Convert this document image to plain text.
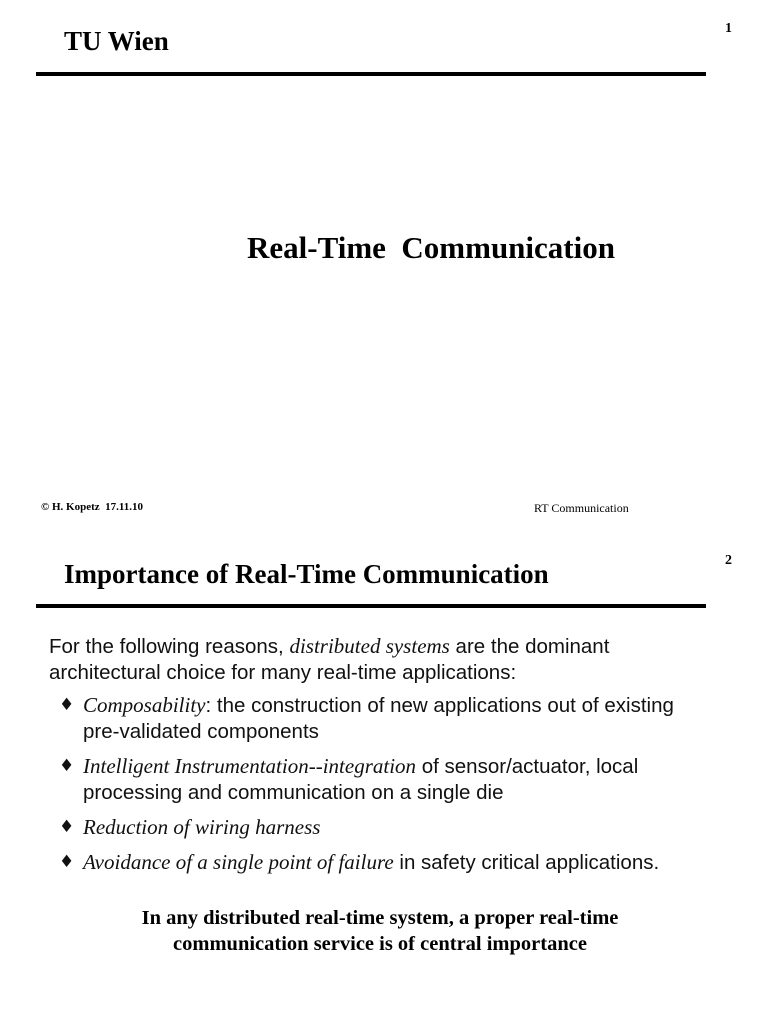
1
TU Wien
Real-Time  Communication
© H. Kopetz  17.11.10	RT Communication
2
Importance of Real-Time Communication

For the following reasons, distributed systems are the dominant architectural choice for many real-time applications:

♦ Composability: the construction of new applications out of existing pre-validated components
♦ Intelligent Instrumentation--integration of sensor/actuator, local processing and communication on a single die
♦ Reduction of wiring harness
♦ Avoidance of a single point of failure in safety critical applications.
In any distributed real-time system, a proper real-time
communication service is of central importance
